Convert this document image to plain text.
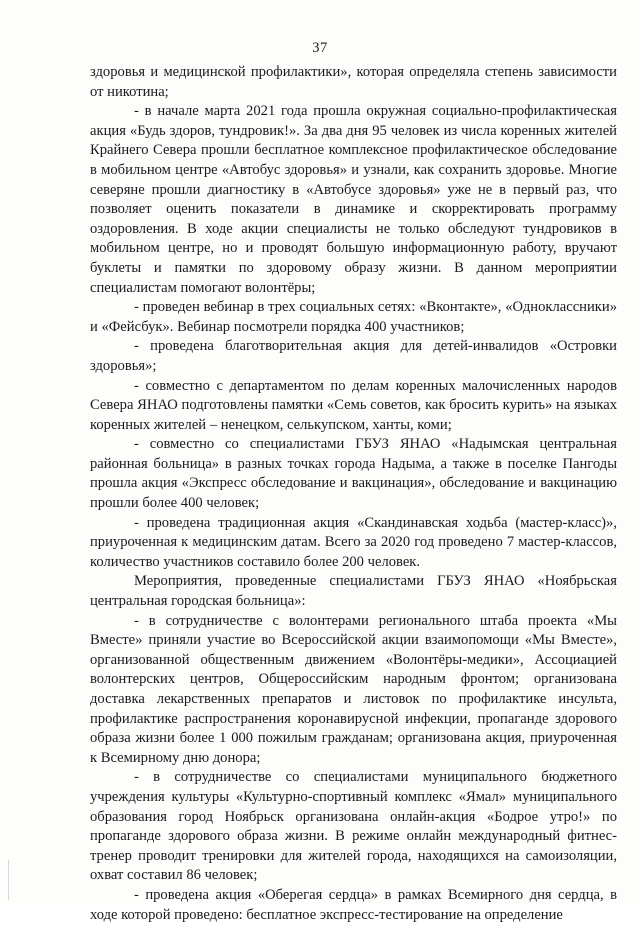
37

здоровья и медицинской профилактики», которая определяла степень зависимости от никотина;

- в начале марта 2021 года прошла окружная социально-профилактическая акция «Будь здоров, тундровик!». За два дня 95 человек из числа коренных жителей Крайнего Севера прошли бесплатное комплексное профилактическое обследование в мобильном центре «Автобус здоровья» и узнали, как сохранить здоровье. Многие северяне прошли диагностику в «Автобусе здоровья» уже не в первый раз, что позволяет оценить показатели в динамике и скорректировать программу оздоровления. В ходе акции специалисты не только обследуют тундровиков в мобильном центре, но и проводят большую информационную работу, вручают буклеты и памятки по здоровому образу жизни. В данном мероприятии специалистам помогают волонтёры;

- проведен вебинар в трех социальных сетях: «Вконтакте», «Одноклассники» и «Фейсбук». Вебинар посмотрели порядка 400 участников;

- проведена благотворительная акция для детей-инвалидов «Островки здоровья»;

- совместно с департаментом по делам коренных малочисленных народов Севера ЯНАО подготовлены памятки «Семь советов, как бросить курить» на языках коренных жителей – ненецком, селькупском, ханты, коми;

- совместно со специалистами ГБУЗ ЯНАО «Надымская центральная районная больница» в разных точках города Надыма, а также в поселке Пангоды прошла акция «Экспресс обследование и вакцинация», обследование и вакцинацию прошли более 400 человек;

- проведена традиционная акция «Скандинавская ходьба (мастер-класс)», приуроченная к медицинским датам. Всего за 2020 год проведено 7 мастер-классов, количество участников составило более 200 человек.

Мероприятия, проведенные специалистами ГБУЗ ЯНАО «Ноябрьская центральная городская больница»:

- в сотрудничестве с волонтерами регионального штаба проекта «Мы Вместе» приняли участие во Всероссийской акции взаимопомощи «Мы Вместе», организованной общественным движением «Волонтёры-медики», Ассоциацией волонтерских центров, Общероссийским народным фронтом; организована доставка лекарственных препаратов и листовок по профилактике инсульта, профилактике распространения коронавирусной инфекции, пропаганде здорового образа жизни более 1 000 пожилым гражданам; организована акция, приуроченная к Всемирному дню донора;

- в сотрудничестве со специалистами муниципального бюджетного учреждения культуры «Культурно-спортивный комплекс «Ямал» муниципального образования город Ноябрьск организована онлайн-акция «Бодрое утро!» по пропаганде здорового образа жизни. В режиме онлайн международный фитнес-тренер проводит тренировки для жителей города, находящихся на самоизоляции, охват составил 86 человек;

- проведена акция «Оберегая сердца» в рамках Всемирного дня сердца, в ходе которой проведено: бесплатное экспресс-тестирование на определение
